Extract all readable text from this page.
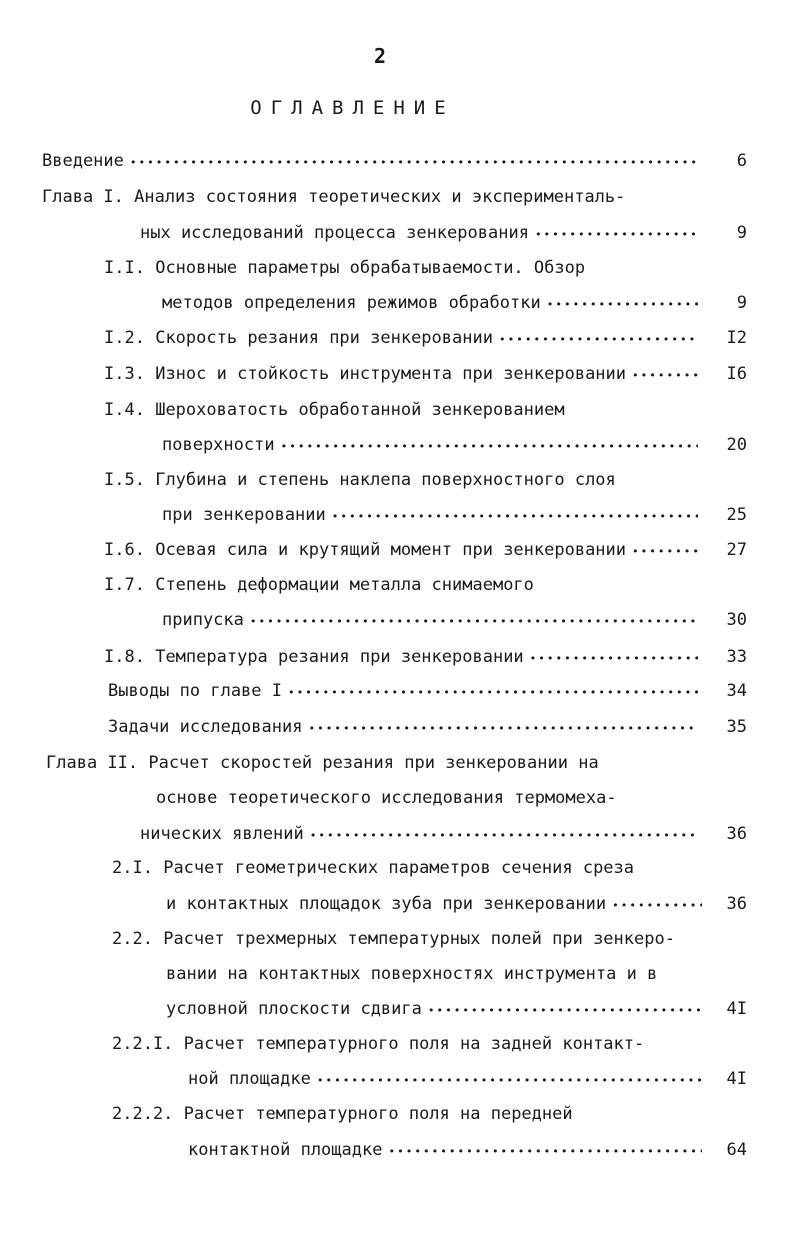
2
ОГЛАВЛЕНИЕ
Введение •••••	6
Глава I. Анализ состояния теоретических и эксперименталь-
ных исследований процесса зенкерования •••••	9
I.I. Основные параметры обрабатываемости. Обзор
методов определения режимов обработки •••••	9
I.2. Скорость резания при зенкеровании •••••	I2
I.3. Износ и стойкость инструмента при зенкеровании •••••	I6
I.4. Шероховатость обработанной зенкерованием
поверхности •••••	20
I.5. Глубина и степень наклепа поверхностного слоя
при зенкеровании •••••	25
I.6. Осевая сила и крутящий момент при зенкеровании •••••	27
I.7. Степень деформации металла снимаемого
припуска •••••	30
I.8. Температура резания при зенкеровании •••••	33
Выводы по главе I •••••	34
Задачи исследования •••••	35
Глава II. Расчет скоростей резания при зенкеровании на
основе теоретического исследования термомеха-
нических явлений •••••	36
2.I. Расчет геометрических параметров сечения среза
и контактных площадок зуба при зенкеровании •••••	36
2.2. Расчет трехмерных температурных полей при зенкеро-
вании на контактных поверхностях инструмента и в
условной плоскости сдвига •••••	4I
2.2.I. Расчет температурного поля на задней контакт-
ной площадке •••••	4I
2.2.2. Расчет температурного поля на передней
контактной площадке •••••	64
